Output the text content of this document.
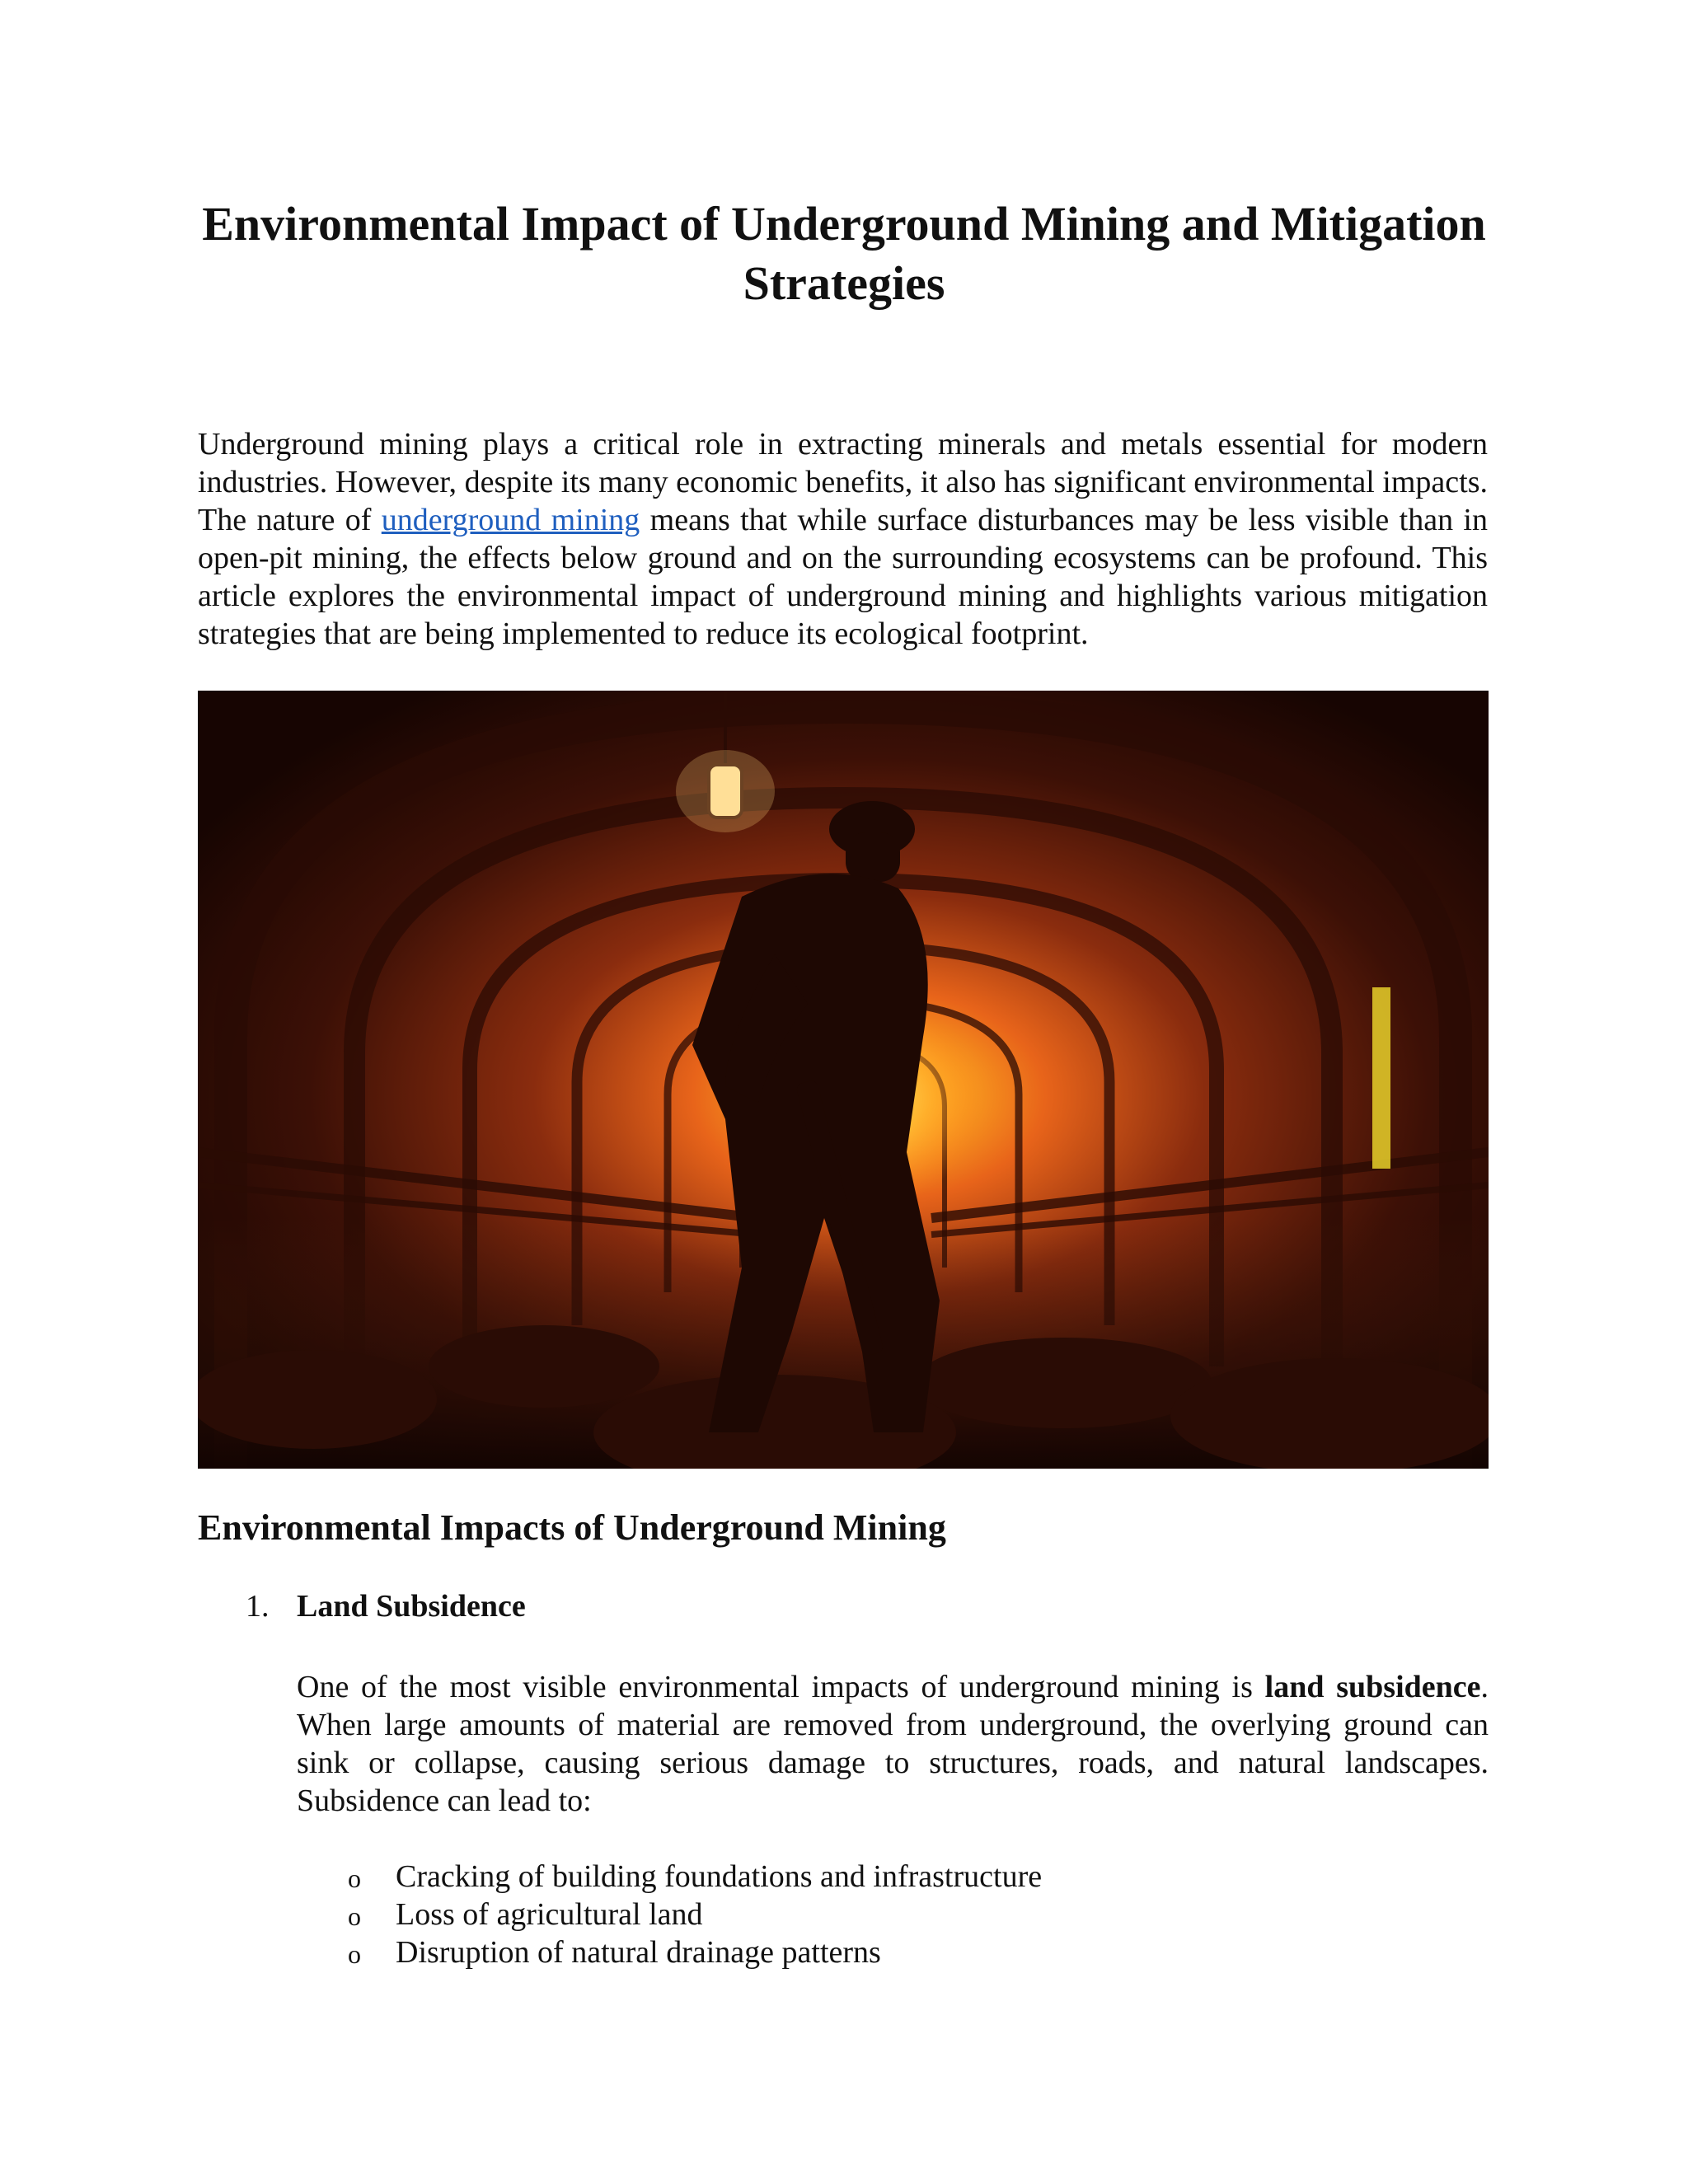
Environmental Impact of Underground Mining and Mitigation Strategies

Underground mining plays a critical role in extracting minerals and metals essential for modern industries. However, despite its many economic benefits, it also has significant environmental impacts. The nature of underground mining means that while surface disturbances may be less visible than in open-pit mining, the effects below ground and on the surrounding ecosystems can be profound. This article explores the environmental impact of underground mining and highlights various mitigation strategies that are being implemented to reduce its ecological footprint.

Environmental Impacts of Underground Mining

1. Land Subsidence

One of the most visible environmental impacts of underground mining is land subsidence. When large amounts of material are removed from underground, the overlying ground can sink or collapse, causing serious damage to structures, roads, and natural landscapes. Subsidence can lead to:

o Cracking of building foundations and infrastructure
o Loss of agricultural land
o Disruption of natural drainage patterns
